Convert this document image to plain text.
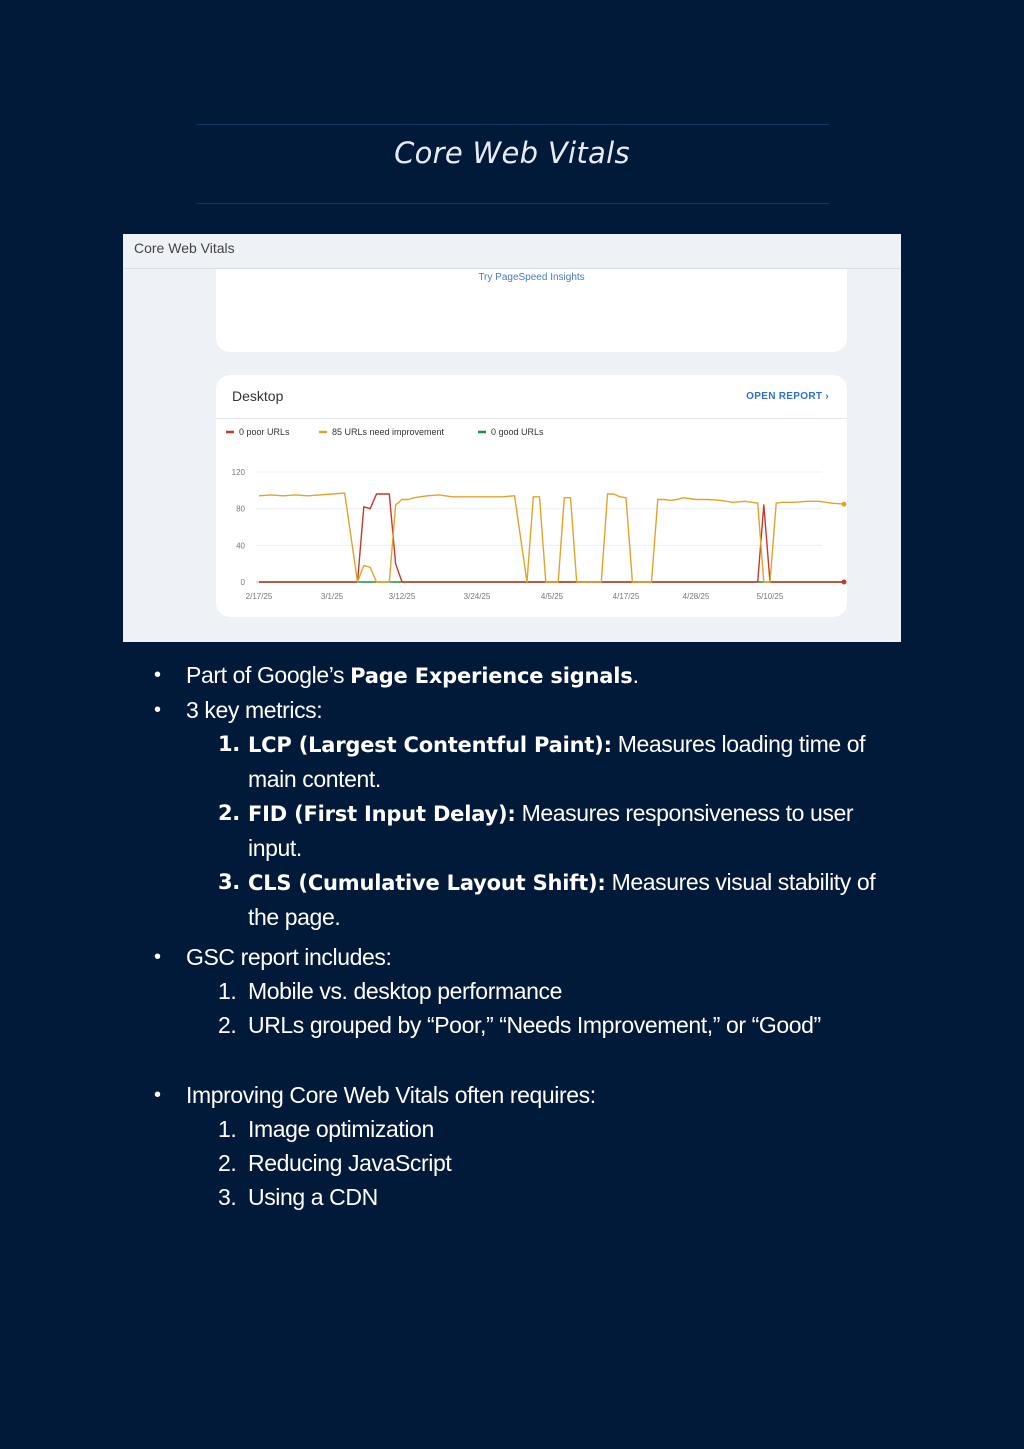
Core Web Vitals
Core Web Vitals
Try PageSpeed Insights
Desktop	OPEN REPORT ›
0 poor URLs	85 URLs need improvement	0 good URLs
0
40
80
120
2/17/25	3/1/25	3/12/25	3/24/25	4/5/25	4/17/25	4/28/25	5/10/25
• Part of Google’s Page Experience signals.
• 3 key metrics:
1. LCP (Largest Contentful Paint): Measures loading time of main content.
2. FID (First Input Delay): Measures responsiveness to user input.
3. CLS (Cumulative Layout Shift): Measures visual stability of the page.
• GSC report includes:
1. Mobile vs. desktop performance
2. URLs grouped by “Poor,” “Needs Improvement,” or “Good”
• Improving Core Web Vitals often requires:
1. Image optimization
2. Reducing JavaScript
3. Using a CDN
